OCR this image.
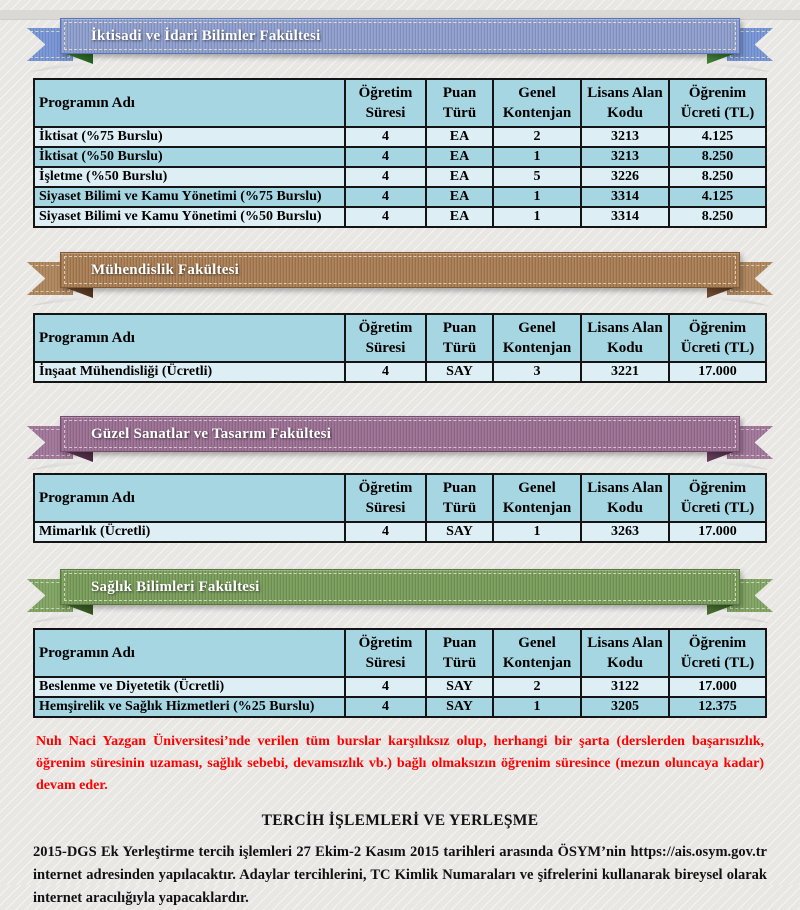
İktisadi ve İdari Bilimler Fakültesi
Programın Adı	Öğretim Süresi	Puan Türü	Genel Kontenjan	Lisans Alan Kodu	Öğrenim Ücreti (TL)
İktisat (%75 Burslu)	4	EA	2	3213	4.125
İktisat (%50 Burslu)	4	EA	1	3213	8.250
İşletme (%50 Burslu)	4	EA	5	3226	8.250
Siyaset Bilimi ve Kamu Yönetimi (%75 Burslu)	4	EA	1	3314	4.125
Siyaset Bilimi ve Kamu Yönetimi (%50 Burslu)	4	EA	1	3314	8.250
Mühendislik Fakültesi
Programın Adı	Öğretim Süresi	Puan Türü	Genel Kontenjan	Lisans Alan Kodu	Öğrenim Ücreti (TL)
İnşaat Mühendisliği (Ücretli)	4	SAY	3	3221	17.000
Güzel Sanatlar ve Tasarım Fakültesi
Programın Adı	Öğretim Süresi	Puan Türü	Genel Kontenjan	Lisans Alan Kodu	Öğrenim Ücreti (TL)
Mimarlık (Ücretli)	4	SAY	1	3263	17.000
Sağlık Bilimleri Fakültesi
Programın Adı	Öğretim Süresi	Puan Türü	Genel Kontenjan	Lisans Alan Kodu	Öğrenim Ücreti (TL)
Beslenme ve Diyetetik (Ücretli)	4	SAY	2	3122	17.000
Hemşirelik ve Sağlık Hizmetleri (%25 Burslu)	4	SAY	1	3205	12.375

Nuh Naci Yazgan Üniversitesi’nde verilen tüm burslar karşılıksız olup, herhangi bir şarta (derslerden başarısızlık, öğrenim süresinin uzaması, sağlık sebebi, devamsızlık vb.) bağlı olmaksızın öğrenim süresince (mezun oluncaya kadar) devam eder.

TERCİH İŞLEMLERİ VE YERLEŞME

2015-DGS Ek Yerleştirme tercih işlemleri 27 Ekim-2 Kasım 2015 tarihleri arasında ÖSYM’nin https://ais.osym.gov.tr internet adresinden yapılacaktır. Adaylar tercihlerini, TC Kimlik Numaraları ve şifrelerini kullanarak bireysel olarak internet aracılığıyla yapacaklardır.
